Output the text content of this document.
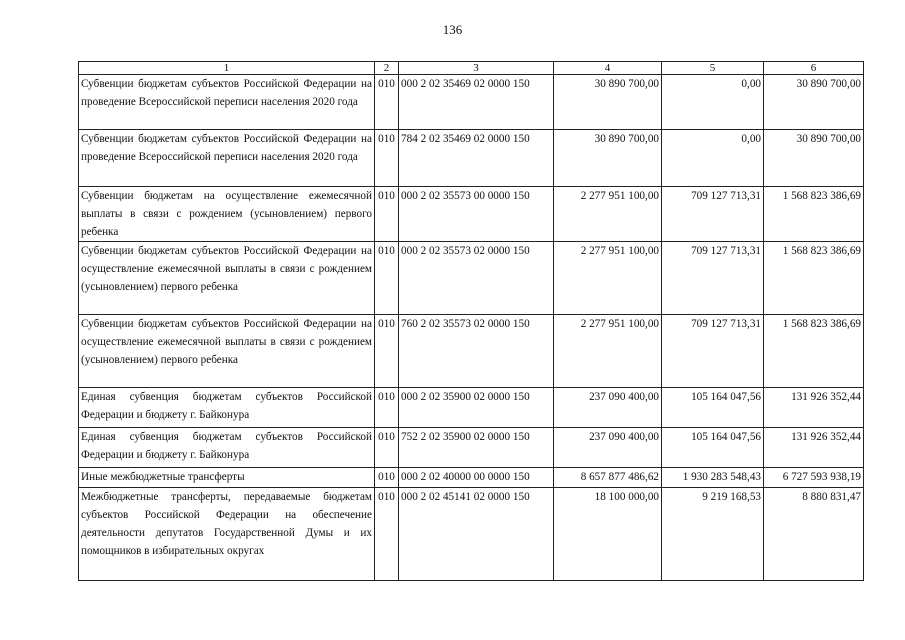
136
1	2	3	4	5	6
Субвенции бюджетам субъектов Российской Федерации на проведение Всероссийской переписи населения 2020 года	010	000 2 02 35469 02 0000 150	30 890 700,00	0,00	30 890 700,00
Субвенции бюджетам субъектов Российской Федерации на проведение Всероссийской переписи населения 2020 года	010	784 2 02 35469 02 0000 150	30 890 700,00	0,00	30 890 700,00
Субвенции бюджетам на осуществление ежемесячной выплаты в связи с рождением (усыновлением) первого ребенка	010	000 2 02 35573 00 0000 150	2 277 951 100,00	709 127 713,31	1 568 823 386,69
Субвенции бюджетам субъектов Российской Федерации на осуществление ежемесячной выплаты в связи с рождением (усыновлением) первого ребенка	010	000 2 02 35573 02 0000 150	2 277 951 100,00	709 127 713,31	1 568 823 386,69
Субвенции бюджетам субъектов Российской Федерации на осуществление ежемесячной выплаты в связи с рождением (усыновлением) первого ребенка	010	760 2 02 35573 02 0000 150	2 277 951 100,00	709 127 713,31	1 568 823 386,69
Единая субвенция бюджетам субъектов Российской Федерации и бюджету г. Байконура	010	000 2 02 35900 02 0000 150	237 090 400,00	105 164 047,56	131 926 352,44
Единая субвенция бюджетам субъектов Российской Федерации и бюджету г. Байконура	010	752 2 02 35900 02 0000 150	237 090 400,00	105 164 047,56	131 926 352,44
Иные межбюджетные трансферты	010	000 2 02 40000 00 0000 150	8 657 877 486,62	1 930 283 548,43	6 727 593 938,19
Межбюджетные трансферты, передаваемые бюджетам субъектов Российской Федерации на обеспечение деятельности депутатов Государственной Думы и их помощников в избирательных округах	010	000 2 02 45141 02 0000 150	18 100 000,00	9 219 168,53	8 880 831,47
